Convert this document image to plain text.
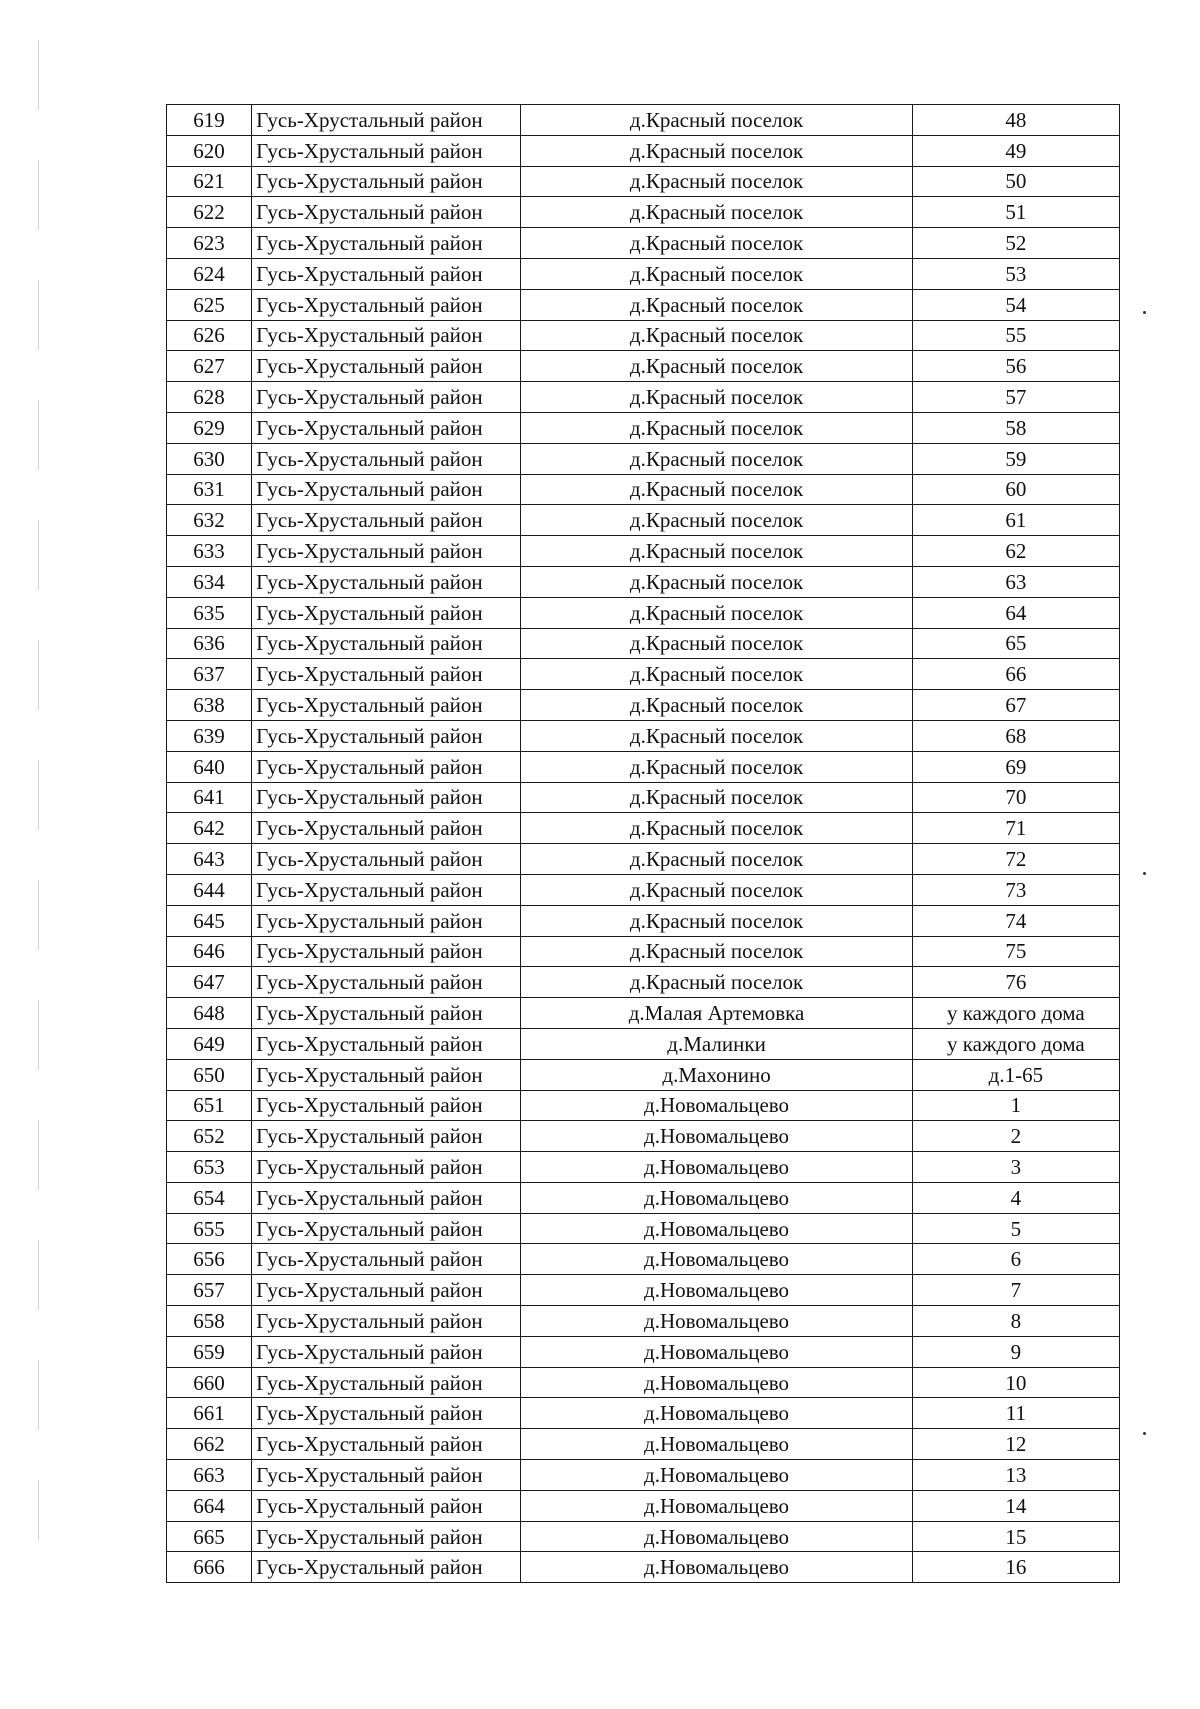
619	Гусь-Хрустальный район	д.Красный поселок	48
620	Гусь-Хрустальный район	д.Красный поселок	49
621	Гусь-Хрустальный район	д.Красный поселок	50
622	Гусь-Хрустальный район	д.Красный поселок	51
623	Гусь-Хрустальный район	д.Красный поселок	52
624	Гусь-Хрустальный район	д.Красный поселок	53
625	Гусь-Хрустальный район	д.Красный поселок	54
626	Гусь-Хрустальный район	д.Красный поселок	55
627	Гусь-Хрустальный район	д.Красный поселок	56
628	Гусь-Хрустальный район	д.Красный поселок	57
629	Гусь-Хрустальный район	д.Красный поселок	58
630	Гусь-Хрустальный район	д.Красный поселок	59
631	Гусь-Хрустальный район	д.Красный поселок	60
632	Гусь-Хрустальный район	д.Красный поселок	61
633	Гусь-Хрустальный район	д.Красный поселок	62
634	Гусь-Хрустальный район	д.Красный поселок	63
635	Гусь-Хрустальный район	д.Красный поселок	64
636	Гусь-Хрустальный район	д.Красный поселок	65
637	Гусь-Хрустальный район	д.Красный поселок	66
638	Гусь-Хрустальный район	д.Красный поселок	67
639	Гусь-Хрустальный район	д.Красный поселок	68
640	Гусь-Хрустальный район	д.Красный поселок	69
641	Гусь-Хрустальный район	д.Красный поселок	70
642	Гусь-Хрустальный район	д.Красный поселок	71
643	Гусь-Хрустальный район	д.Красный поселок	72
644	Гусь-Хрустальный район	д.Красный поселок	73
645	Гусь-Хрустальный район	д.Красный поселок	74
646	Гусь-Хрустальный район	д.Красный поселок	75
647	Гусь-Хрустальный район	д.Красный поселок	76
648	Гусь-Хрустальный район	д.Малая Артемовка	у каждого дома
649	Гусь-Хрустальный район	д.Малинки	у каждого дома
650	Гусь-Хрустальный район	д.Махонино	д.1-65
651	Гусь-Хрустальный район	д.Новомальцево	1
652	Гусь-Хрустальный район	д.Новомальцево	2
653	Гусь-Хрустальный район	д.Новомальцево	3
654	Гусь-Хрустальный район	д.Новомальцево	4
655	Гусь-Хрустальный район	д.Новомальцево	5
656	Гусь-Хрустальный район	д.Новомальцево	6
657	Гусь-Хрустальный район	д.Новомальцево	7
658	Гусь-Хрустальный район	д.Новомальцево	8
659	Гусь-Хрустальный район	д.Новомальцево	9
660	Гусь-Хрустальный район	д.Новомальцево	10
661	Гусь-Хрустальный район	д.Новомальцево	11
662	Гусь-Хрустальный район	д.Новомальцево	12
663	Гусь-Хрустальный район	д.Новомальцево	13
664	Гусь-Хрустальный район	д.Новомальцево	14
665	Гусь-Хрустальный район	д.Новомальцево	15
666	Гусь-Хрустальный район	д.Новомальцево	16
